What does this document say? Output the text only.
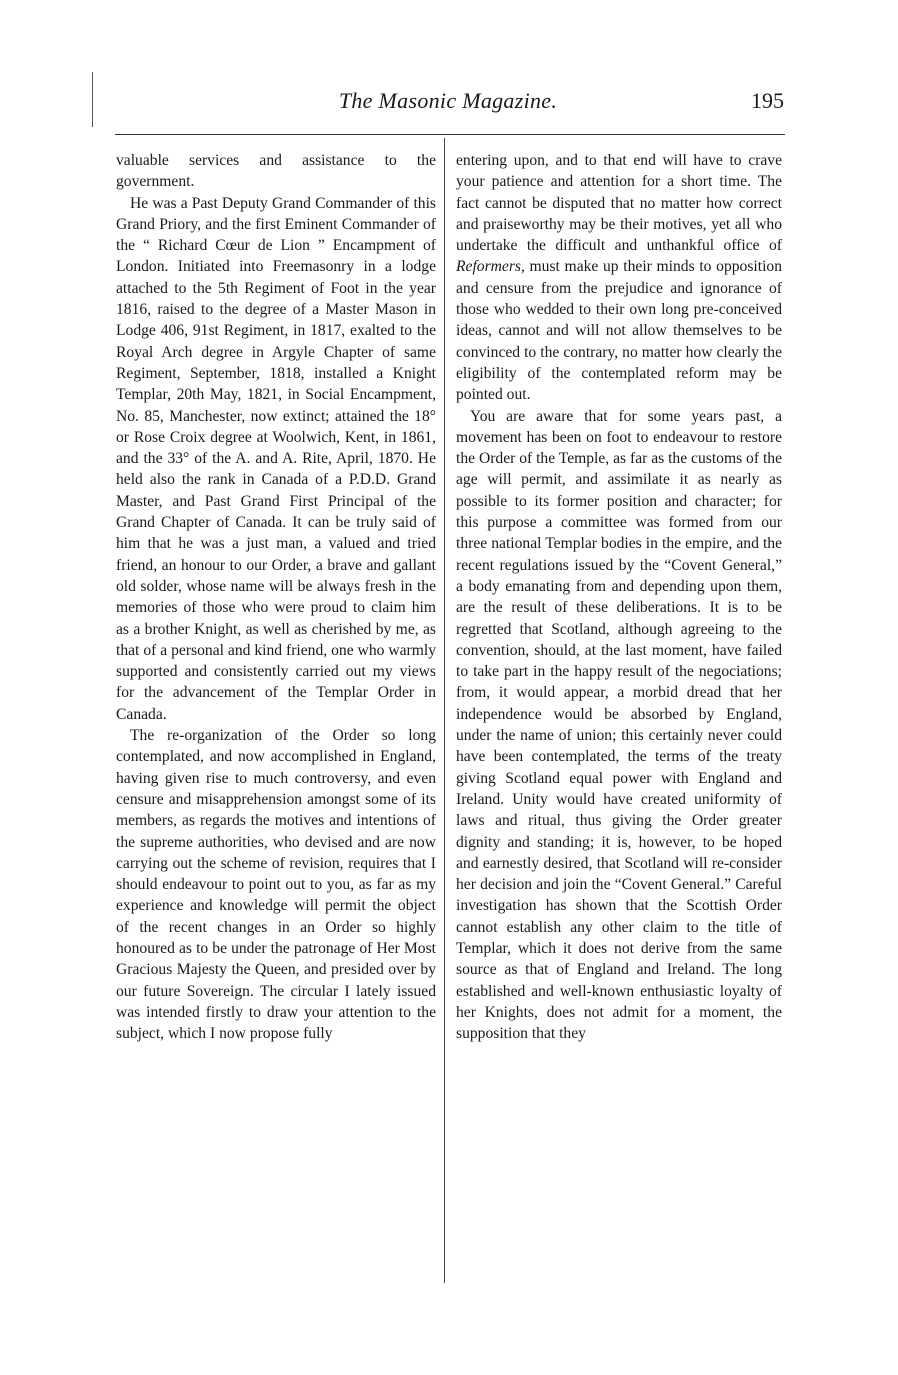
The Masonic Magazine.	195

valuable services and assistance to the government.

He was a Past Deputy Grand Commander of this Grand Priory, and the first Eminent Commander of the “ Richard Cœur de Lion ” Encampment of London. Initiated into Freemasonry in a lodge attached to the 5th Regiment of Foot in the year 1816, raised to the degree of a Master Mason in Lodge 406, 91st Regiment, in 1817, exalted to the Royal Arch degree in Argyle Chapter of same Regiment, September, 1818, installed a Knight Templar, 20th May, 1821, in Social Encampment, No. 85, Manchester, now extinct; attained the 18° or Rose Croix degree at Woolwich, Kent, in 1861, and the 33° of the A. and A. Rite, April, 1870. He held also the rank in Canada of a P.D.D. Grand Master, and Past Grand First Principal of the Grand Chapter of Canada. It can be truly said of him that he was a just man, a valued and tried friend, an honour to our Order, a brave and gallant old solder, whose name will be always fresh in the memories of those who were proud to claim him as a brother Knight, as well as cherished by me, as that of a personal and kind friend, one who warmly supported and consistently carried out my views for the advancement of the Templar Order in Canada.

The re-organization of the Order so long contemplated, and now accomplished in England, having given rise to much controversy, and even censure and misapprehension amongst some of its members, as regards the motives and intentions of the supreme authorities, who devised and are now carrying out the scheme of revision, requires that I should endeavour to point out to you, as far as my experience and knowledge will permit the object of the recent changes in an Order so highly honoured as to be under the patronage of Her Most Gracious Majesty the Queen, and presided over by our future Sovereign. The circular I lately issued was intended firstly to draw your attention to the subject, which I now propose fully

entering upon, and to that end will have to crave your patience and attention for a short time. The fact cannot be disputed that no matter how correct and praiseworthy may be their motives, yet all who undertake the difficult and unthankful office of Reformers, must make up their minds to opposition and censure from the prejudice and ignorance of those who wedded to their own long pre-conceived ideas, cannot and will not allow themselves to be convinced to the contrary, no matter how clearly the eligibility of the contemplated reform may be pointed out.

You are aware that for some years past, a movement has been on foot to endeavour to restore the Order of the Temple, as far as the customs of the age will permit, and assimilate it as nearly as possible to its former position and character; for this purpose a committee was formed from our three national Templar bodies in the empire, and the recent regulations issued by the “Covent General,” a body emanating from and depending upon them, are the result of these deliberations. It is to be regretted that Scotland, although agreeing to the convention, should, at the last moment, have failed to take part in the happy result of the negociations; from, it would appear, a morbid dread that her independence would be absorbed by England, under the name of union; this certainly never could have been contemplated, the terms of the treaty giving Scotland equal power with England and Ireland. Unity would have created uniformity of laws and ritual, thus giving the Order greater dignity and standing; it is, however, to be hoped and earnestly desired, that Scotland will re-consider her decision and join the “Covent General.” Careful investigation has shown that the Scottish Order cannot establish any other claim to the title of Templar, which it does not derive from the same source as that of England and Ireland. The long established and well-known enthusiastic loyalty of her Knights, does not admit for a moment, the supposition that they
